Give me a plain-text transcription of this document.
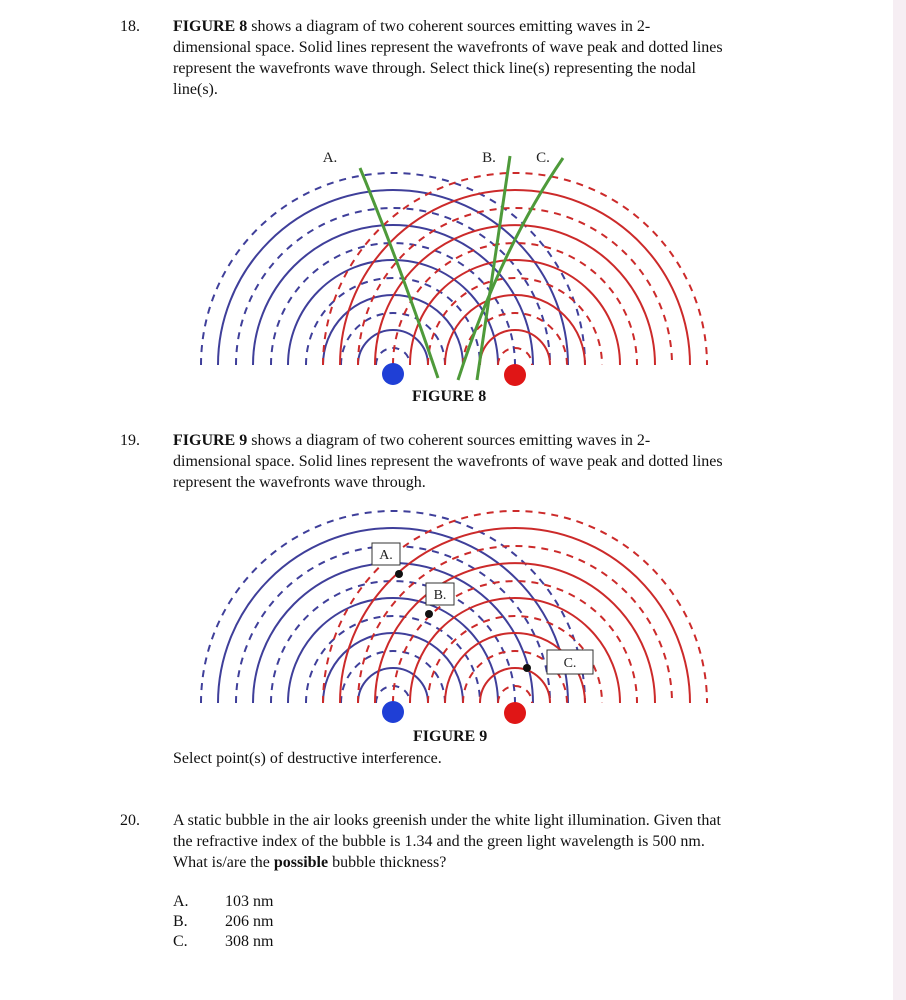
18. FIGURE 8 shows a diagram of two coherent sources emitting waves in 2-
dimensional space. Solid lines represent the wavefronts of wave peak and dotted lines
represent the wavefronts wave through. Select thick line(s) representing the nodal
line(s).
A.	B.	C.
FIGURE 8
19. FIGURE 9 shows a diagram of two coherent sources emitting waves in 2-
dimensional space. Solid lines represent the wavefronts of wave peak and dotted lines
represent the wavefronts wave through.
A.
B.
C.
FIGURE 9
Select point(s) of destructive interference.
20. A static bubble in the air looks greenish under the white light illumination. Given that
the refractive index of the bubble is 1.34 and the green light wavelength is 500 nm.
What is/are the possible bubble thickness?
A. 103 nm
B. 206 nm
C. 308 nm
